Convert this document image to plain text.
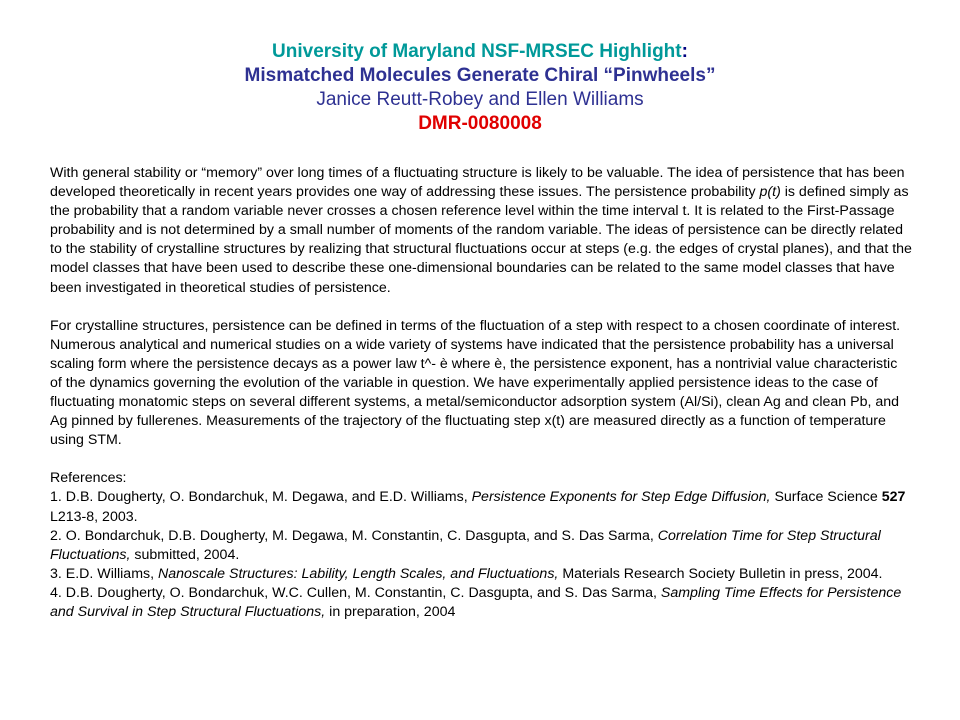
University of Maryland NSF-MRSEC Highlight:
Mismatched Molecules Generate Chiral “Pinwheels”
Janice Reutt-Robey and Ellen Williams
DMR-0080008

With general stability or “memory” over long times of a fluctuating structure is likely to be valuable. The idea of persistence that has been developed theoretically in recent years provides one way of addressing these issues. The persistence probability p(t) is defined simply as the probability that a random variable never crosses a chosen reference level within the time interval t. It is related to the First-Passage probability and is not determined by a small number of moments of the random variable. The ideas of persistence can be directly related to the stability of crystalline structures by realizing that structural fluctuations occur at steps (e.g. the edges of crystal planes), and that the model classes that have been used to describe these one-dimensional boundaries can be related to the same model classes that have been investigated in theoretical studies of persistence.

For crystalline structures, persistence can be defined in terms of the fluctuation of a step with respect to a chosen coordinate of interest. Numerous analytical and numerical studies on a wide variety of systems have indicated that the persistence probability has a universal scaling form where the persistence decays as a power law t^- è where è, the persistence exponent, has a nontrivial value characteristic of the dynamics governing the evolution of the variable in question. We have experimentally applied persistence ideas to the case of fluctuating monatomic steps on several different systems, a metal/semiconductor adsorption system (Al/Si), clean Ag and clean Pb, and Ag pinned by fullerenes. Measurements of the trajectory of the fluctuating step x(t) are measured directly as a function of temperature using STM.

References:

1. D.B. Dougherty, O. Bondarchuk, M. Degawa, and E.D. Williams, Persistence Exponents for Step Edge Diffusion, Surface Science 527 L213-8, 2003.

2. O. Bondarchuk, D.B. Dougherty, M. Degawa, M. Constantin, C. Dasgupta, and S. Das Sarma, Correlation Time for Step Structural Fluctuations, submitted, 2004.

3. E.D. Williams, Nanoscale Structures: Lability, Length Scales, and Fluctuations, Materials Research Society Bulletin in press, 2004.

4. D.B. Dougherty, O. Bondarchuk, W.C. Cullen, M. Constantin, C. Dasgupta, and S. Das Sarma, Sampling Time Effects for Persistence and Survival in Step Structural Fluctuations, in preparation, 2004
